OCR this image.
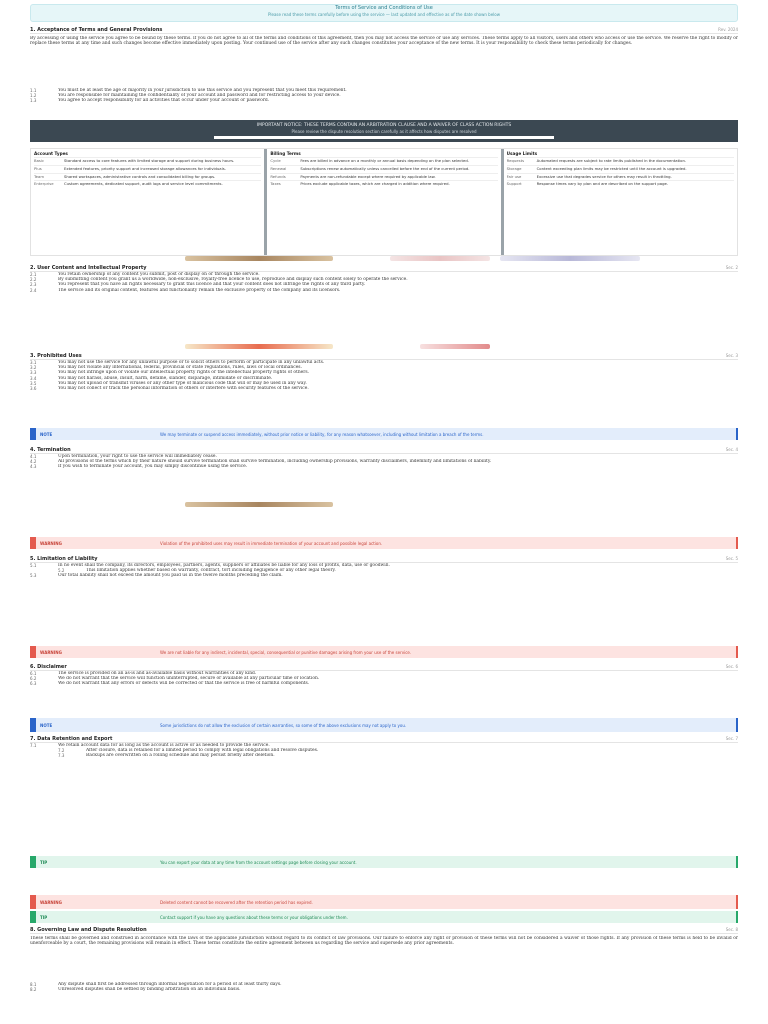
Terms of Service and Conditions of Use
Please read these terms carefully before using the service — last updated and effective as of the date shown below
1. Acceptance of Terms and General Provisions	Rev. 2024

By accessing or using the service you agree to be bound by these terms. If you do not agree to all of the terms and conditions of this agreement, then you may not access the service or use any services. These terms apply to all visitors, users and others who access or use the service. We reserve the right to modify or replace these terms at any time and such changes become effective immediately upon posting. Your continued use of the service after any such changes constitutes your acceptance of the new terms. It is your responsibility to check these terms periodically for changes.

1.1	You must be at least the age of majority in your jurisdiction to use this service and you represent that you meet this requirement.
1.2	You are responsible for maintaining the confidentiality of your account and password and for restricting access to your device.
1.3	You agree to accept responsibility for all activities that occur under your account or password.
IMPORTANT NOTICE: THESE TERMS CONTAIN AN ARBITRATION CLAUSE AND A WAIVER OF CLASS ACTION RIGHTS
Please review the dispute resolution section carefully as it affects how disputes are resolved
Account Types
Basic	Standard access to core features with limited storage and support during business hours.
Plus	Extended features, priority support and increased storage allowances for individuals.
Team	Shared workspaces, administrative controls and consolidated billing for groups.
Enterprise	Custom agreements, dedicated support, audit logs and service level commitments.
Billing Terms
Cycle	Fees are billed in advance on a monthly or annual basis depending on the plan selected.
Renewal	Subscriptions renew automatically unless cancelled before the end of the current period.
Refunds	Payments are non-refundable except where required by applicable law.
Taxes	Prices exclude applicable taxes, which are charged in addition where required.
Usage Limits
Requests	Automated requests are subject to rate limits published in the documentation.
Storage	Content exceeding plan limits may be restricted until the account is upgraded.
Fair use	Excessive use that degrades service for others may result in throttling.
Support	Response times vary by plan and are described on the support page.
2. User Content and Intellectual Property	Sec. 2
2.1	You retain ownership of any content you submit, post or display on or through the service.
2.2	By submitting content you grant us a worldwide, non-exclusive, royalty-free licence to use, reproduce and display such content solely to operate the service.
2.3	You represent that you have all rights necessary to grant this licence and that your content does not infringe the rights of any third party.
2.4	The service and its original content, features and functionality remain the exclusive property of the company and its licensors.
3. Prohibited Uses	Sec. 3
3.1	You may not use the service for any unlawful purpose or to solicit others to perform or participate in any unlawful acts.
3.2	You may not violate any international, federal, provincial or state regulations, rules, laws or local ordinances.
3.3	You may not infringe upon or violate our intellectual property rights or the intellectual property rights of others.
3.4	You may not harass, abuse, insult, harm, defame, slander, disparage, intimidate or discriminate.
3.5	You may not upload or transmit viruses or any other type of malicious code that will or may be used in any way.
3.6	You may not collect or track the personal information of others or interfere with security features of the service.
NOTE	We may terminate or suspend access immediately, without prior notice or liability, for any reason whatsoever, including without limitation a breach of the terms.
4. Termination	Sec. 4
4.1	Upon termination, your right to use the service will immediately cease.
4.2	All provisions of the terms which by their nature should survive termination shall survive termination, including ownership provisions, warranty disclaimers, indemnity and limitations of liability.
4.3	If you wish to terminate your account, you may simply discontinue using the service.
WARNING	Violation of the prohibited uses may result in immediate termination of your account and possible legal action.
5. Limitation of Liability	Sec. 5
5.1	In no event shall the company, its directors, employees, partners, agents, suppliers or affiliates be liable for any loss of profits, data, use or goodwill.
5.2	This limitation applies whether based on warranty, contract, tort including negligence or any other legal theory.
5.3	Our total liability shall not exceed the amount you paid us in the twelve months preceding the claim.
WARNING	We are not liable for any indirect, incidental, special, consequential or punitive damages arising from your use of the service.
6. Disclaimer	Sec. 6
6.1	The service is provided on an as-is and as-available basis without warranties of any kind.
6.2	We do not warrant that the service will function uninterrupted, secure or available at any particular time or location.
6.3	We do not warrant that any errors or defects will be corrected or that the service is free of harmful components.
NOTE	Some jurisdictions do not allow the exclusion of certain warranties, so some of the above exclusions may not apply to you.
7. Data Retention and Export	Sec. 7
7.1	We retain account data for as long as the account is active or as needed to provide the service.
7.2	After closure, data is retained for a limited period to comply with legal obligations and resolve disputes.
7.3	Backups are overwritten on a rolling schedule and may persist briefly after deletion.
TIP	You can export your data at any time from the account settings page before closing your account.
WARNING	Deleted content cannot be recovered after the retention period has expired.
TIP	Contact support if you have any questions about these terms or your obligations under them.
8. Governing Law and Dispute Resolution	Sec. 8

These terms shall be governed and construed in accordance with the laws of the applicable jurisdiction without regard to its conflict of law provisions. Our failure to enforce any right or provision of these terms will not be considered a waiver of those rights. If any provision of these terms is held to be invalid or unenforceable by a court, the remaining provisions will remain in effect. These terms constitute the entire agreement between us regarding the service and supersede any prior agreements.

8.1	Any dispute shall first be addressed through informal negotiation for a period of at least thirty days.
8.2	Unresolved disputes shall be settled by binding arbitration on an individual basis.
